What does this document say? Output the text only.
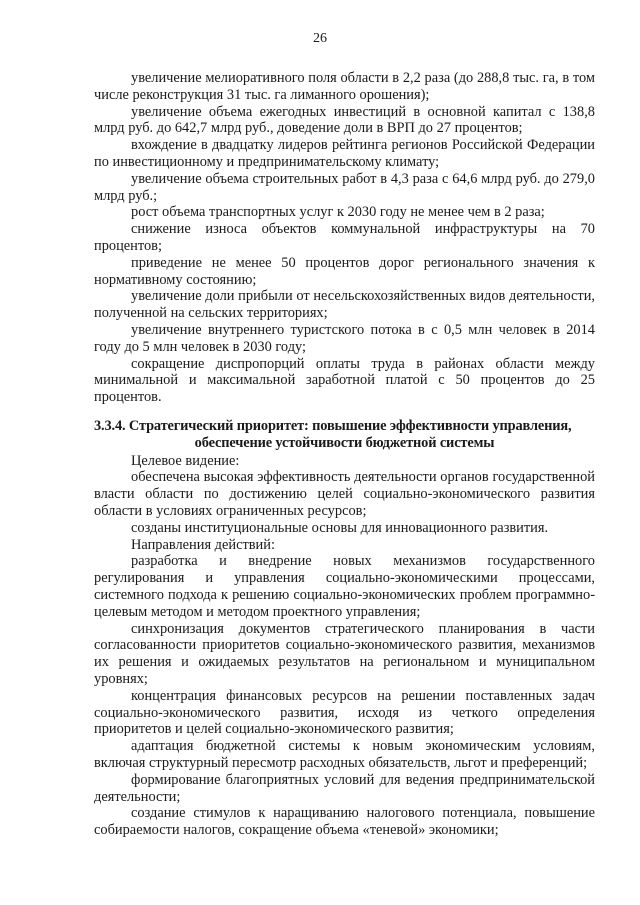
26

увеличение мелиоративного поля области в 2,2 раза (до 288,8 тыс. га, в том числе реконструкция 31 тыс. га лиманного орошения);

увеличение объема ежегодных инвестиций в основной капитал с 138,8 млрд руб. до 642,7 млрд руб., доведение доли в ВРП до 27 процентов;

вхождение в двадцатку лидеров рейтинга регионов Российской Федерации по инвестиционному и предпринимательскому климату;

увеличение объема строительных работ в 4,3 раза с 64,6 млрд руб. до 279,0 млрд руб.;

рост объема транспортных услуг к 2030 году не менее чем в 2 раза;

снижение износа объектов коммунальной инфраструктуры на 70 процентов;

приведение не менее 50 процентов дорог регионального значения к нормативному состоянию;

увеличение доли прибыли от несельскохозяйственных видов деятельности, полученной на сельских территориях;

увеличение внутреннего туристского потока в с 0,5 млн человек в 2014 году до 5 млн человек в 2030 году;

сокращение диспропорций оплаты труда в районах области между минимальной и максимальной заработной платой с 50 процентов до 25 процентов.

3.3.4. Стратегический приоритет: повышение эффективности управления,
обеспечение устойчивости бюджетной системы

Целевое видение:

обеспечена высокая эффективность деятельности органов государственной власти области по достижению целей социально-экономического развития области в условиях ограниченных ресурсов;

созданы институциональные основы для инновационного развития.

Направления действий:

разработка и внедрение новых механизмов государственного регулирования и управления социально-экономическими процессами, системного подхода к решению социально-экономических проблем программно-целевым методом и методом проектного управления;

синхронизация документов стратегического планирования в части согласованности приоритетов социально-экономического развития, механизмов их решения и ожидаемых результатов на региональном и муниципальном уровнях;

концентрация финансовых ресурсов на решении поставленных задач социально-экономического развития, исходя из четкого определения приоритетов и целей социально-экономического развития;

адаптация бюджетной системы к новым экономическим условиям, включая структурный пересмотр расходных обязательств, льгот и преференций;

формирование благоприятных условий для ведения предпринимательской деятельности;

создание стимулов к наращиванию налогового потенциала, повышение собираемости налогов, сокращение объема «теневой» экономики;
